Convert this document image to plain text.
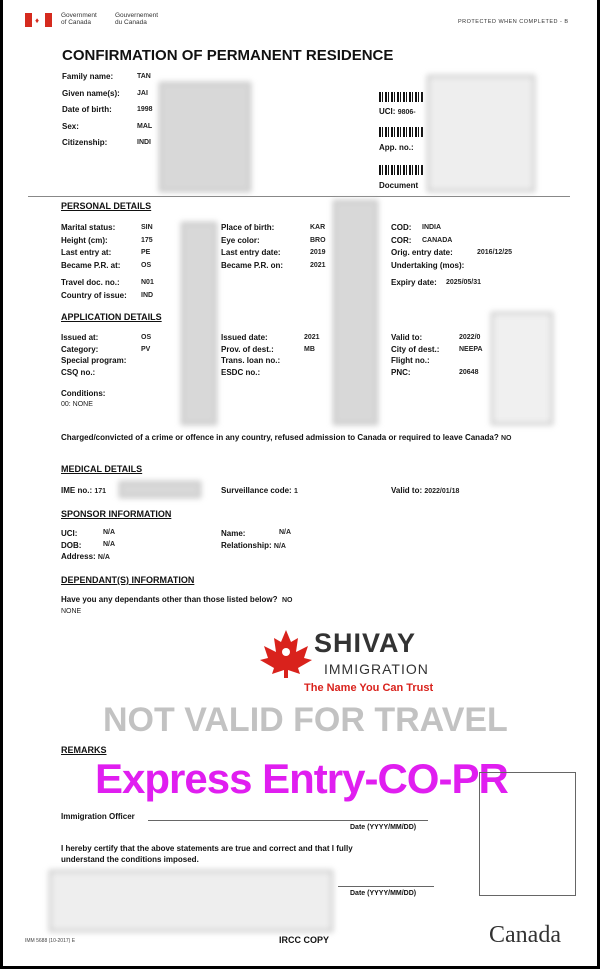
♦
Government
of Canada
Gouvernement
du Canada	PROTECTED WHEN COMPLETED - B
CONFIRMATION OF PERMANENT RESIDENCE
Family name:	TAN
Given name(s): JAI
Date of birth:	1998
Sex:	MAL
Citizenship:	INDI
UCI: 9806-
App. no.:
Document
PERSONAL DETAILS
Marital status:	SIN
Height (cm):	175
Last entry at:	PE
Became P.R. at:	OS
Place of birth:	KAR
Eye color:	BRO
Last entry date:	2019
Became P.R. on:	2021
COD: INDIA
COR: CANADA
Orig. entry date:	2016/12/25
Undertaking (mos):
Travel doc. no.:	N01
Country of issue: IND
Expiry date: 2025/05/31
APPLICATION DETAILS
Issued at:	OS
Category:	PV
Special program:
CSQ no.:
Issued date:	2021
Prov. of dest.:	MB
Trans. loan no.:
ESDC no.:
Valid to:	2022/0
City of dest.:	NEEPA
Flight no.:
PNC:	20648
Conditions:
00: NONE
Charged/convicted of a crime or offence in any country, refused admission to Canada or required to leave Canada? NO
MEDICAL DETAILS
IME no.: 171	Surveillance code: 1	Valid to: 2022/01/18
SPONSOR INFORMATION
UCI:	N/A
DOB:	N/A
Address: N/A
Name:	N/A
Relationship: N/A
DEPENDANT(S) INFORMATION
Have you any dependants other than those listed below? NO
NONE
SHIVAY
IMMIGRATION
The Name You Can Trust
NOT VALID FOR TRAVEL
REMARKS
Express Entry-CO-PR
Immigration Officer
Date (YYYY/MM/DD)
I hereby certify that the above statements are true and correct and that I fully understand the conditions imposed.
Date (YYYY/MM/DD)
IMM 5688 (10-2017) E	IRCC COPY	Canada
